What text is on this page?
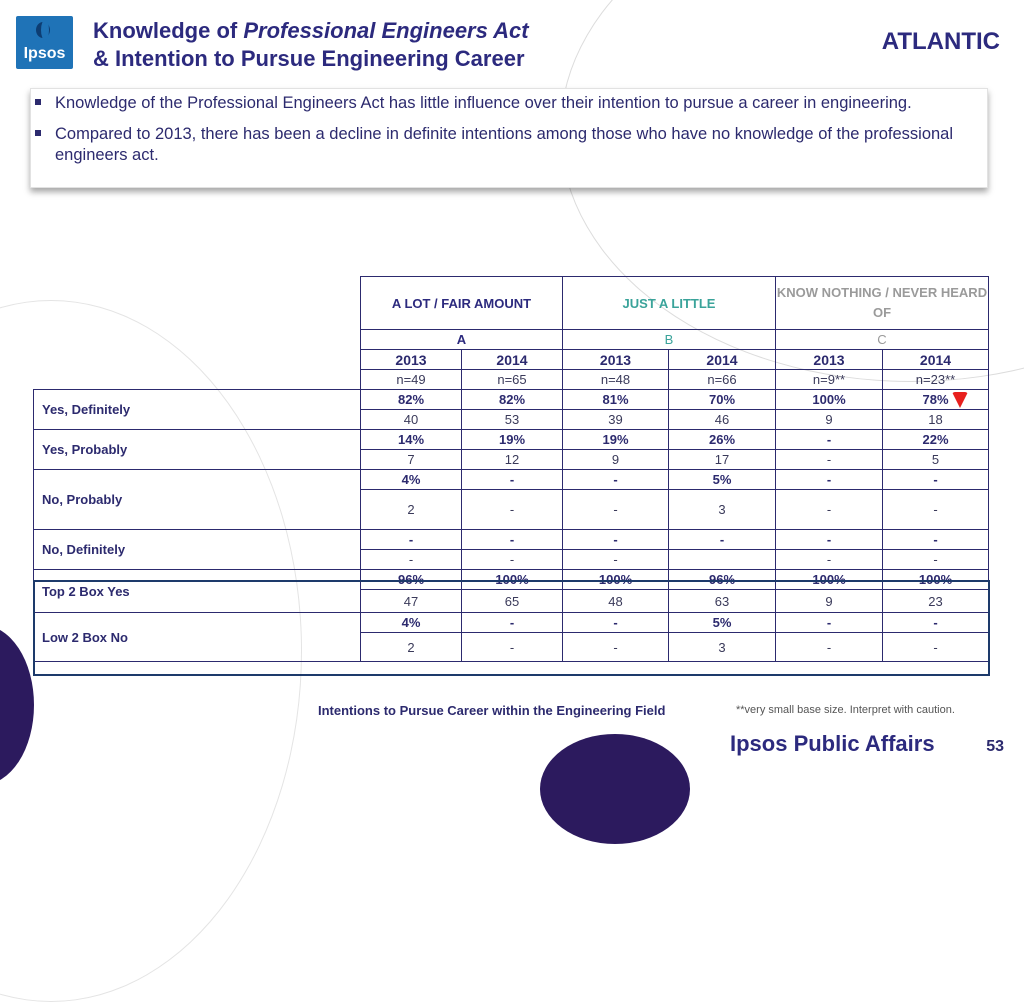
Ipsos
Knowledge of Professional Engineers Act
& Intention to Pursue Engineering Career
ATLANTIC
Knowledge of the Professional Engineers Act has little influence over their intention to pursue a career in engineering.
Compared to 2013, there has been a decline in definite intentions among those who have no knowledge of the professional engineers act.
	A LOT / FAIR AMOUNT		JUST A LITTLE		KNOW NOTHING / NEVER HEARD OF	
	A		B		C	
	2013	2014	2013	2014	2013	2014
	n=49	n=65	n=48	n=66	n=9**	n=23**
Yes, Definitely	82%	82%	81%	70%	100%	78%
	40	53	39	46	9	18
Yes, Probably	14%	19%	19%	26%	-	22%
	7	12	9	17	-	5
No, Probably	4%	-	-	5%	-	-
	2	-	-	3	-	-
No, Definitely	-	-	-	-	-	-
	-	-	-		-	-
Top 2 Box Yes	96%	100%	100%	96%	100%	100%
	47	65	48	63	9	23
Low 2 Box No	4%	-	-	5%	-	-
	2	-	-	3	-	-
Intentions to Pursue Career within the Engineering Field	**very small base size. Interpret with caution.
Ipsos Public Affairs	53
